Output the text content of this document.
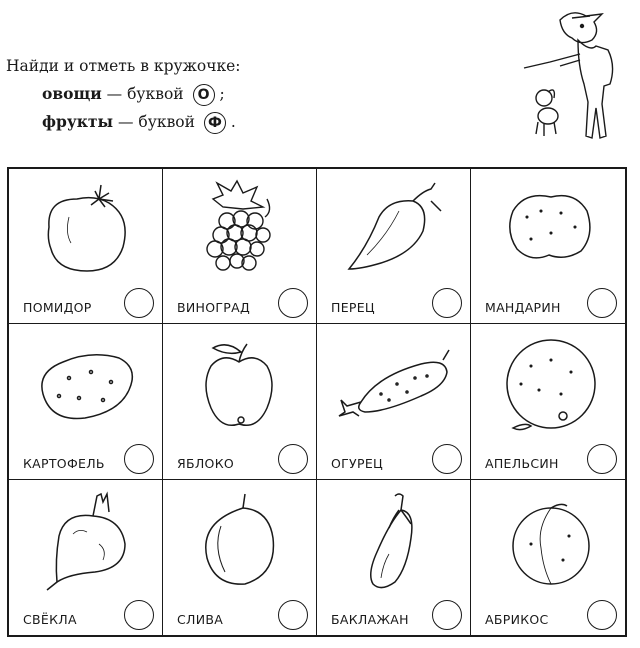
Найди и отметь в кружочке:
овощи — буквой О ;
фрукты — буквой Ф .
ПОМИДОР	ВИНОГРАД	ПЕРЕЦ	МАНДАРИН
КАРТОФЕЛЬ	ЯБЛОКО	ОГУРЕЦ	АПЕЛЬСИН
СВЁКЛА	СЛИВА	БАКЛАЖАН	АБРИКОС
